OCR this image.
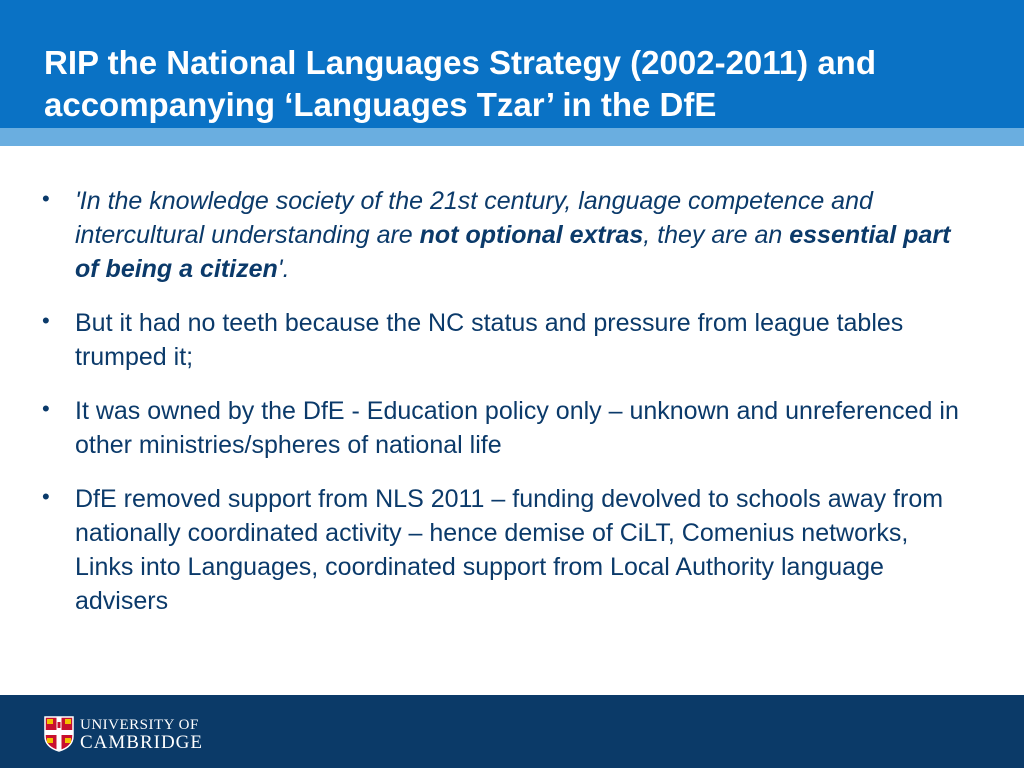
RIP the National Languages Strategy (2002-2011) and accompanying ‘Languages Tzar’ in the DfE
• 'In the knowledge society of the 21st century, language competence and intercultural understanding are not optional extras, they are an essential part of being a citizen'.
• But it had no teeth because the NC status and pressure from league tables trumped it;
• It was owned by the DfE - Education policy only – unknown and unreferenced in other ministries/spheres of national life
• DfE removed support from NLS 2011 – funding devolved to schools away from nationally coordinated activity – hence demise of CiLT, Comenius networks, Links into Languages, coordinated support from Local Authority language advisers
UNIVERSITY OF
CAMBRIDGE
